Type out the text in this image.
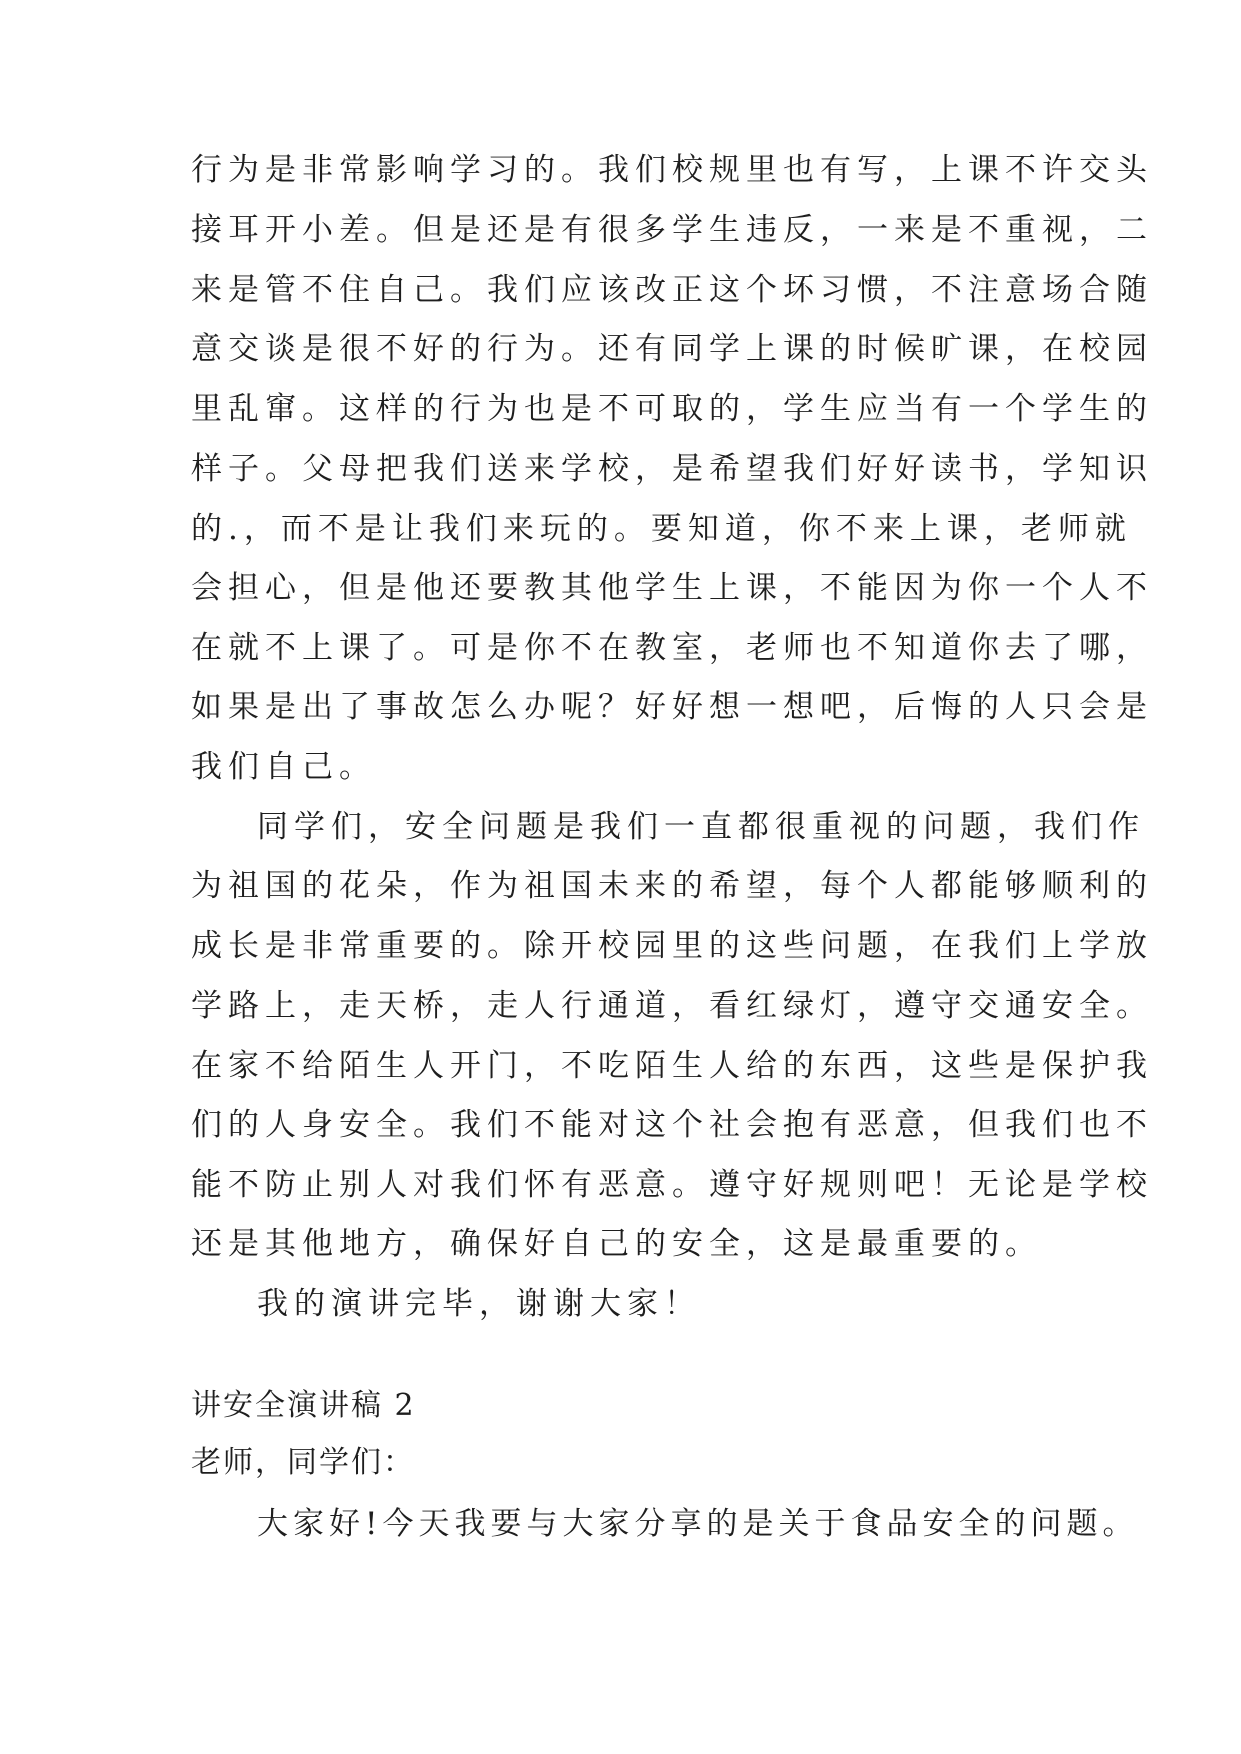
行为是非常影响学习的。我们校规里也有写，上课不许交头
接耳开小差。但是还是有很多学生违反，一来是不重视，二
来是管不住自己。我们应该改正这个坏习惯，不注意场合随
意交谈是很不好的行为。还有同学上课的时候旷课，在校园
里乱窜。这样的行为也是不可取的，学生应当有一个学生的
样子。父母把我们送来学校，是希望我们好好读书，学知识
的.，而不是让我们来玩的。要知道，你不来上课，老师就
会担心，但是他还要教其他学生上课，不能因为你一个人不
在就不上课了。可是你不在教室，老师也不知道你去了哪，
如果是出了事故怎么办呢？好好想一想吧，后悔的人只会是
我们自己。
同学们，安全问题是我们一直都很重视的问题，我们作
为祖国的花朵，作为祖国未来的希望，每个人都能够顺利的
成长是非常重要的。除开校园里的这些问题，在我们上学放
学路上，走天桥，走人行通道，看红绿灯，遵守交通安全。
在家不给陌生人开门，不吃陌生人给的东西，这些是保护我
们的人身安全。我们不能对这个社会抱有恶意，但我们也不
能不防止别人对我们怀有恶意。遵守好规则吧！无论是学校
还是其他地方，确保好自己的安全，这是最重要的。
我的演讲完毕，谢谢大家！
讲安全演讲稿 2
老师，同学们：
大家好!今天我要与大家分享的是关于食品安全的问题。
